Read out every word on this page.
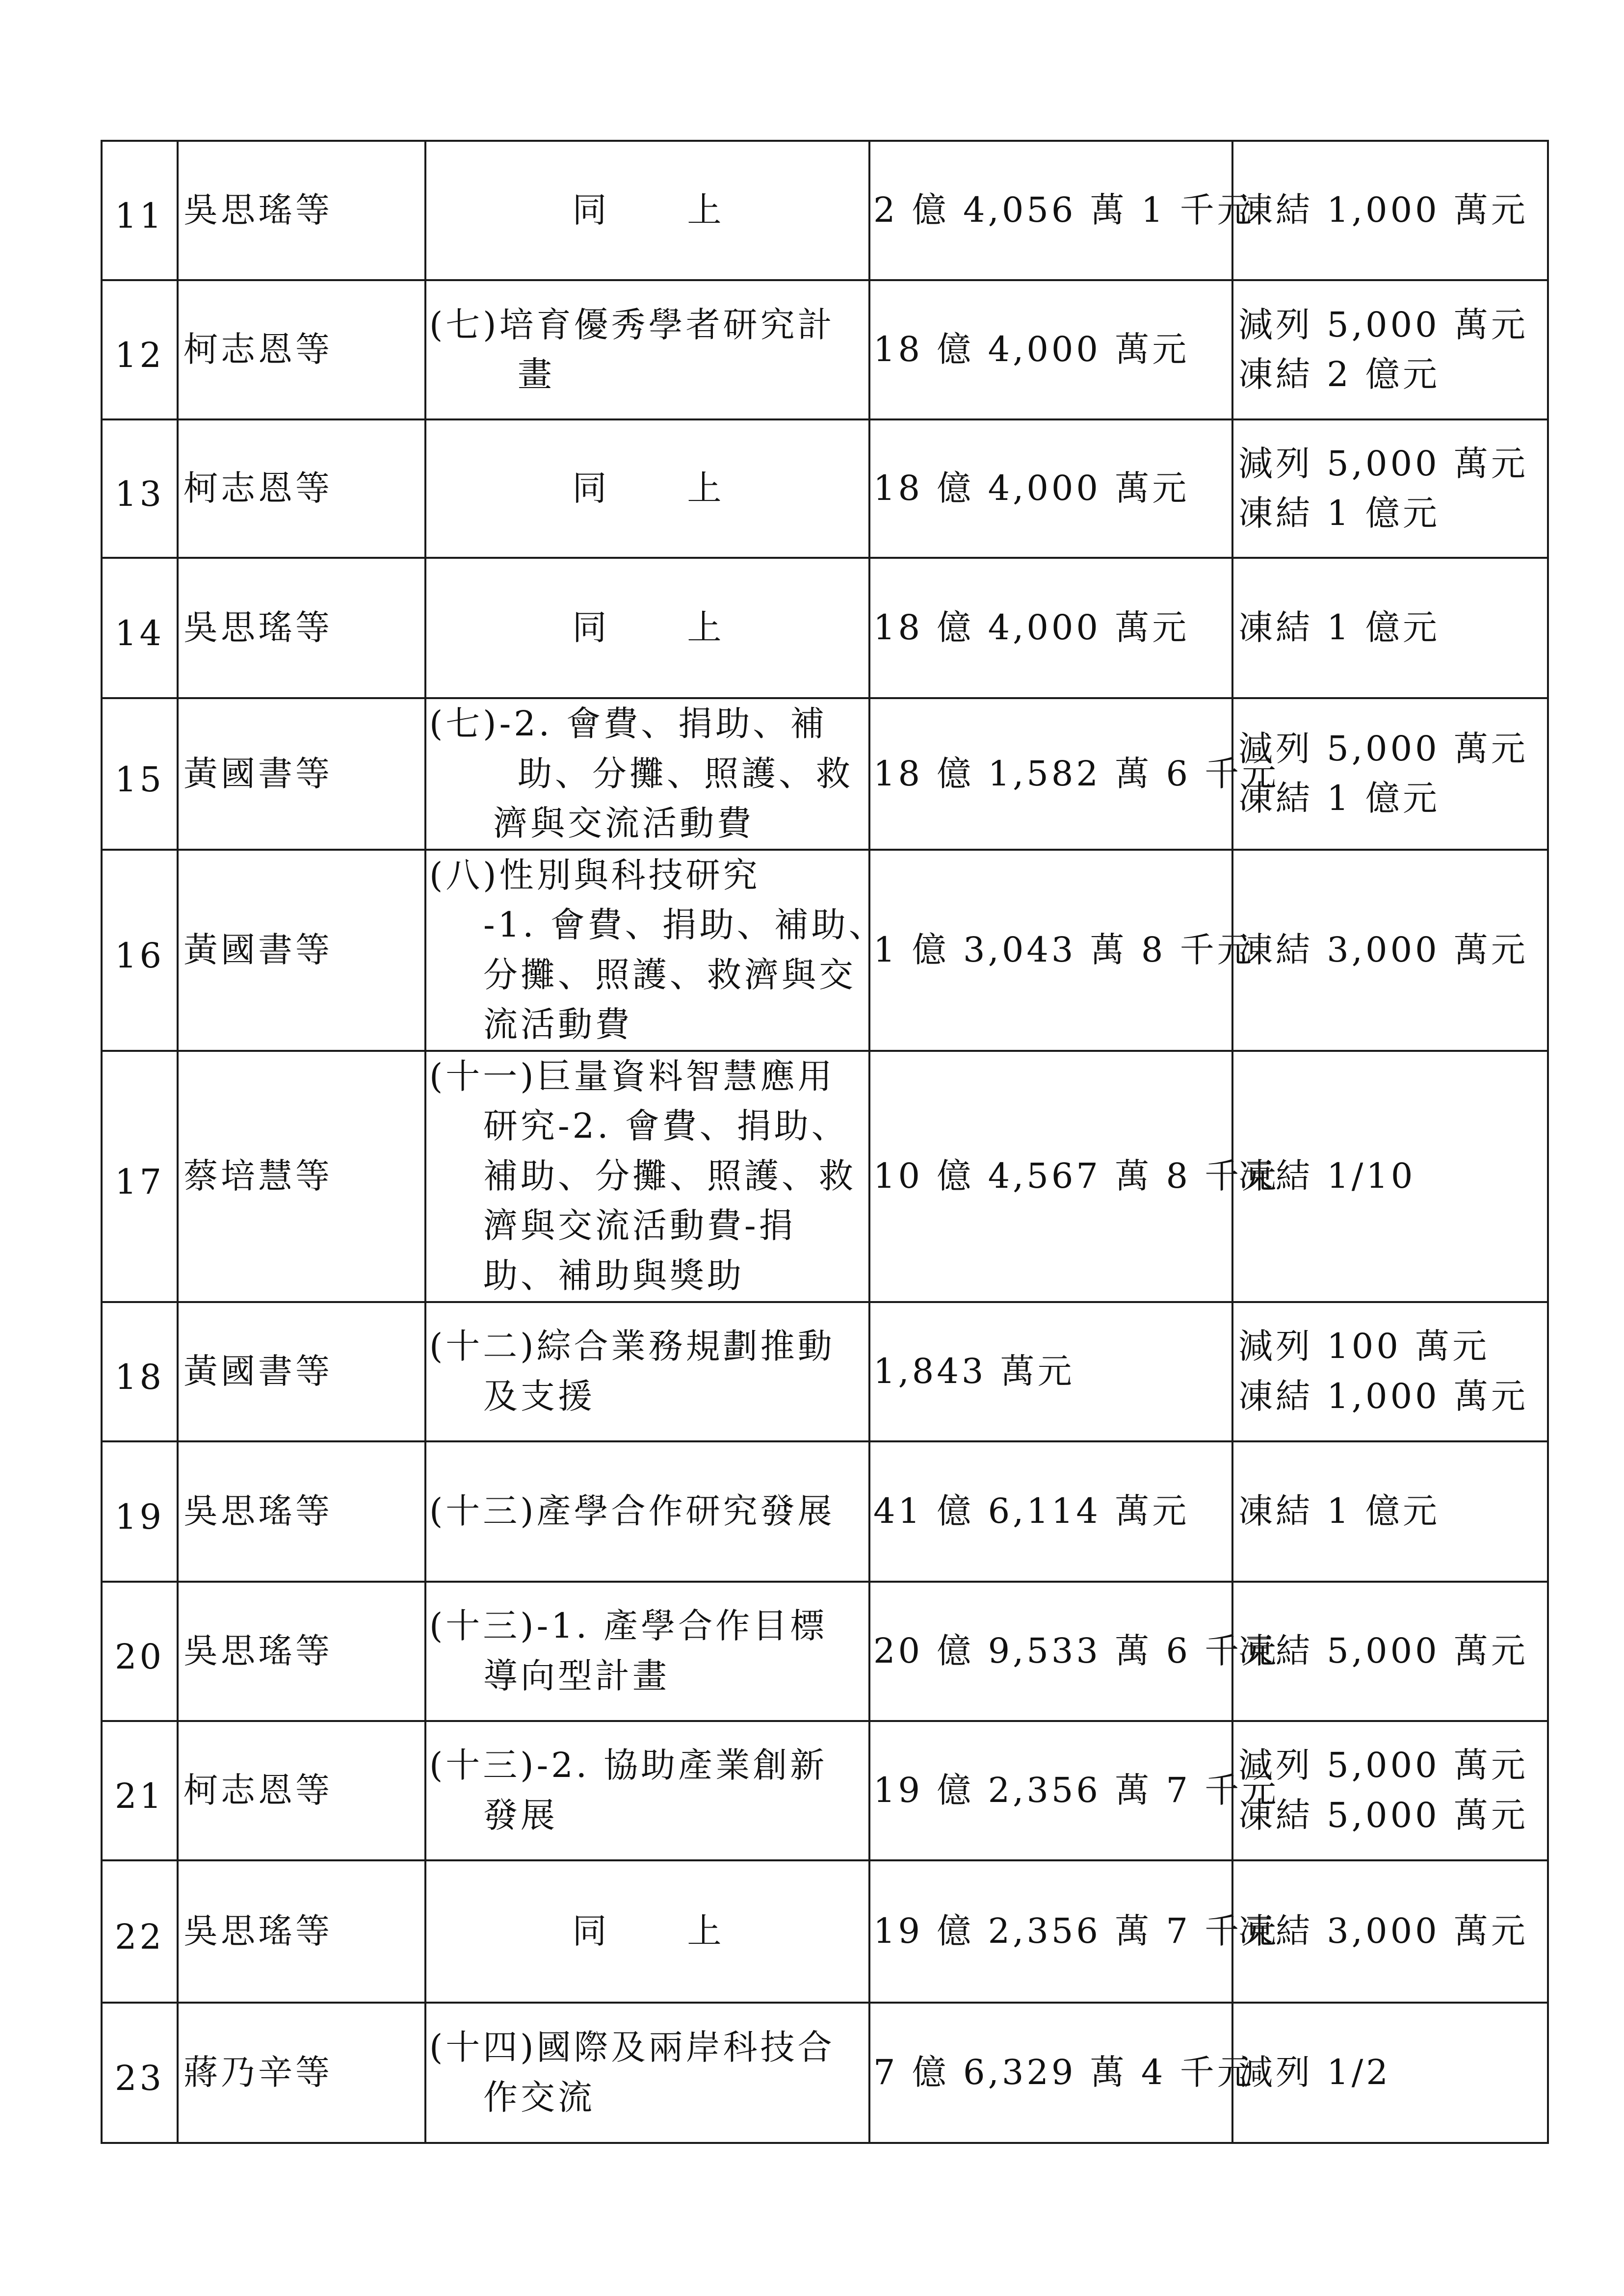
11	吳思瑤等	同　　上	2 億 4,056 萬 1 千元	凍結 1,000 萬元

12	柯志恩等	(七)培育優秀學者研究計
畫	18 億 4,000 萬元	減列 5,000 萬元
凍結 2 億元

13	柯志恩等	同　　上	18 億 4,000 萬元	減列 5,000 萬元
凍結 1 億元

14	吳思瑤等	同　　上	18 億 4,000 萬元	凍結 1 億元

15	黃國書等	(七)-2. 會費、捐助、補
助、分攤、照護、救
濟與交流活動費	18 億 1,582 萬 6 千元	減列 5,000 萬元
凍結 1 億元

16	黃國書等	(八)性別與科技研究
-1. 會費、捐助、補助、
分攤、照護、救濟與交
流活動費	1 億 3,043 萬 8 千元	凍結 3,000 萬元

17	蔡培慧等	(十一)巨量資料智慧應用
研究-2. 會費、捐助、
補助、分攤、照護、救
濟與交流活動費-捐
助、補助與獎助	10 億 4,567 萬 8 千元	凍結 1/10

18	黃國書等	(十二)綜合業務規劃推動
及支援	1,843 萬元	減列 100 萬元
凍結 1,000 萬元

19	吳思瑤等	(十三)產學合作研究發展	41 億 6,114 萬元	凍結 1 億元

20	吳思瑤等	(十三)-1. 產學合作目標
導向型計畫	20 億 9,533 萬 6 千元	凍結 5,000 萬元

21	柯志恩等	(十三)-2. 協助產業創新
發展	19 億 2,356 萬 7 千元	減列 5,000 萬元
凍結 5,000 萬元

22	吳思瑤等	同　　上	19 億 2,356 萬 7 千元	凍結 3,000 萬元

23	蔣乃辛等	(十四)國際及兩岸科技合
作交流	7 億 6,329 萬 4 千元	減列 1/2
